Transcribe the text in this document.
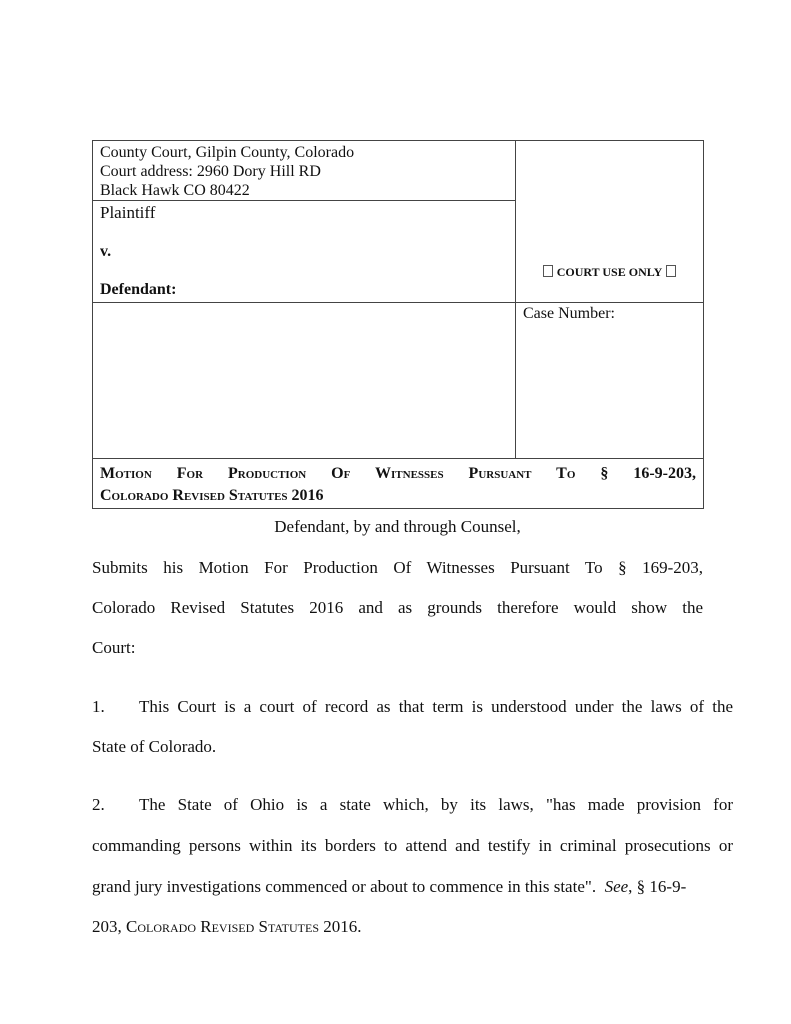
County Court, Gilpin County, Colorado
Court address: 2960 Dory Hill RD
Black Hawk CO 80422	COURT USE ONLY

Plaintiff
v.
Defendant:	

	Case Number:

Motion For Production Of Witnesses Pursuant To § 16-9-203,
Colorado Revised Statutes 2016	
Defendant, by and through Counsel,
Submits his Motion For Production Of Witnesses Pursuant To § 169-203,
Colorado Revised Statutes 2016 and as grounds therefore would show the
Court:
1. This Court is a court of record as that term is understood under the laws of the
State of Colorado.
2. The State of Ohio is a state which, by its laws, "has made provision for
commanding persons within its borders to attend and testify in criminal prosecutions or
grand jury investigations commenced or about to commence in this state". See, § 16-9-
203, Colorado Revised Statutes 2016.
